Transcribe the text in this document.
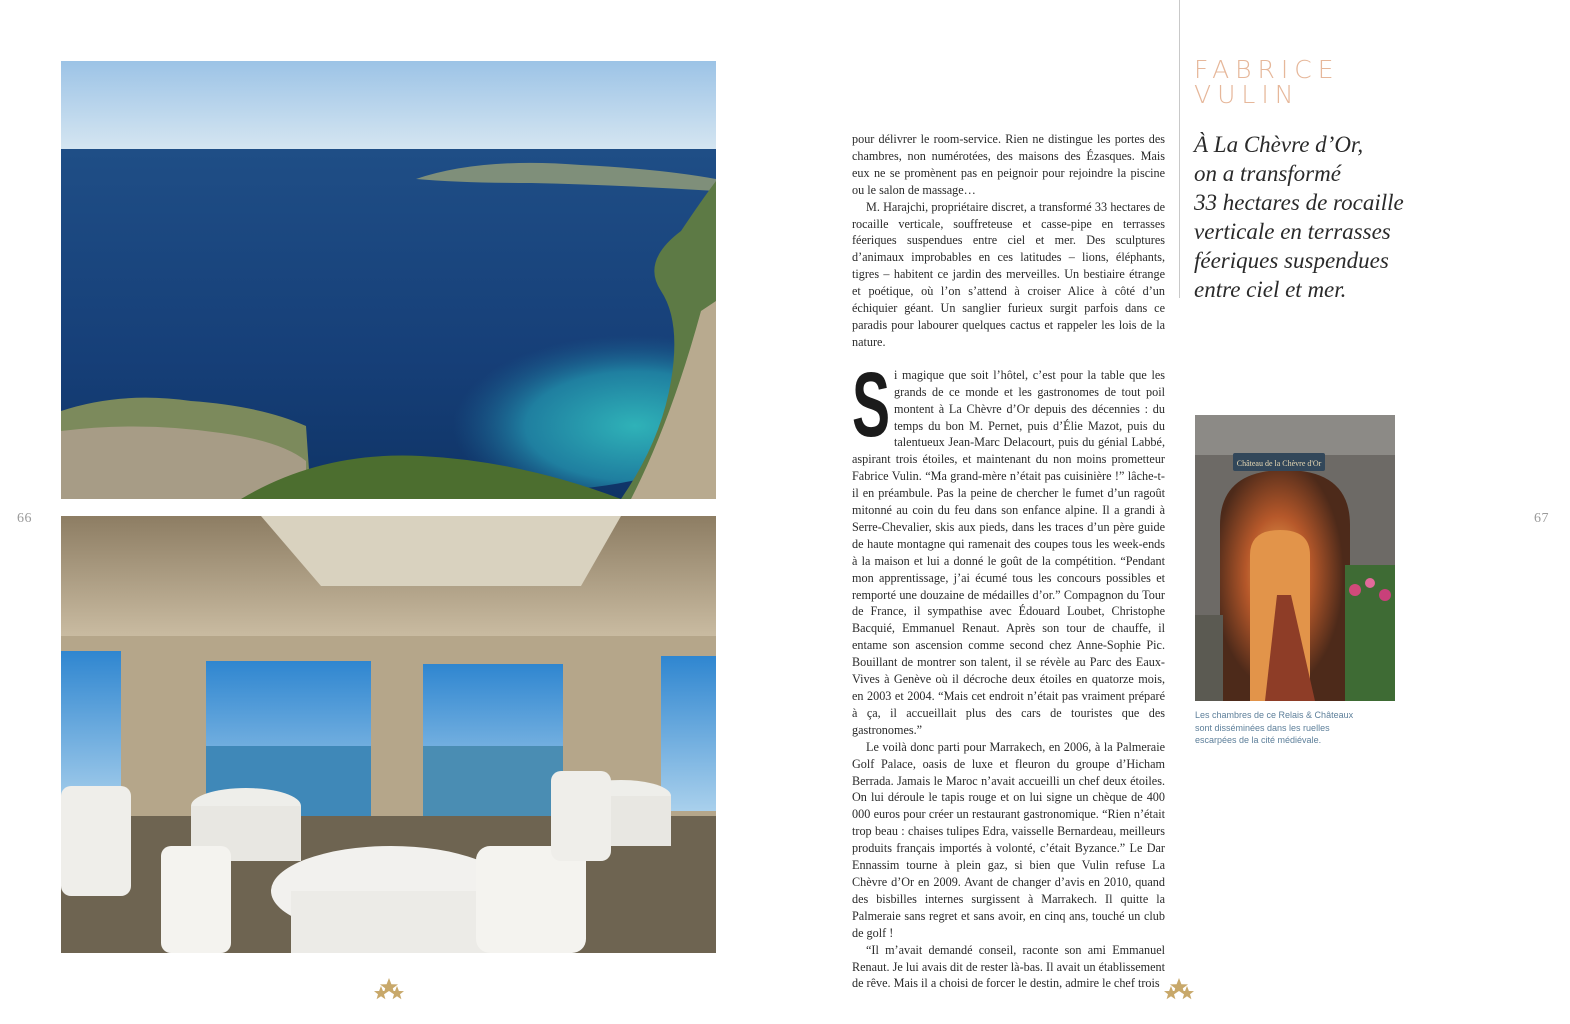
66	67

pour délivrer le room-service. Rien ne distingue les portes des chambres, non numérotées, des maisons des Ézasques. Mais eux ne se promènent pas en peignoir pour rejoindre la piscine ou le salon de massage…

M. Harajchi, propriétaire discret, a transformé 33 hectares de rocaille verticale, souffreteuse et casse-pipe en terrasses féeriques suspendues entre ciel et mer. Des sculptures d’animaux improbables en ces latitudes – lions, éléphants, tigres – habitent ce jardin des merveilles. Un bestiaire étrange et poétique, où l’on s’attend à croiser Alice à côté d’un échiquier géant. Un sanglier furieux surgit parfois dans ce paradis pour labourer quelques cactus et rappeler les lois de la nature.

Si magique que soit l’hôtel, c’est pour la table que les grands de ce monde et les gastronomes de tout poil montent à La Chèvre d’Or depuis des décennies : du temps du bon M. Pernet, puis d’Élie Mazot, puis du talentueux Jean-Marc Delacourt, puis du génial Labbé, aspirant trois étoiles, et maintenant du non moins prometteur Fabrice Vulin. “Ma grand-mère n’était pas cuisinière !” lâche-t-il en préambule. Pas la peine de chercher le fumet d’un ragoût mitonné au coin du feu dans son enfance alpine. Il a grandi à Serre-Chevalier, skis aux pieds, dans les traces d’un père guide de haute montagne qui ramenait des coupes tous les week-ends à la maison et lui a donné le goût de la compétition. “Pendant mon apprentissage, j’ai écumé tous les concours possibles et remporté une douzaine de médailles d’or.” Compagnon du Tour de France, il sympathise avec Édouard Loubet, Christophe Bacquié, Emmanuel Renaut. Après son tour de chauffe, il entame son ascension comme second chez Anne-Sophie Pic. Bouillant de montrer son talent, il se révèle au Parc des Eaux-Vives à Genève où il décroche deux étoiles en quatorze mois, en 2003 et 2004. “Mais cet endroit n’était pas vraiment préparé à ça, il accueillait plus des cars de touristes que des gastronomes.”

Le voilà donc parti pour Marrakech, en 2006, à la Palmeraie Golf Palace, oasis de luxe et fleuron du groupe d’Hicham Berrada. Jamais le Maroc n’avait accueilli un chef deux étoiles. On lui déroule le tapis rouge et on lui signe un chèque de 400 000 euros pour créer un restaurant gastronomique. “Rien n’était trop beau : chaises tulipes Edra, vaisselle Bernardeau, meilleurs produits français importés à volonté, c’était Byzance.” Le Dar Ennassim tourne à plein gaz, si bien que Vulin refuse La Chèvre d’Or en 2009. Avant de changer d’avis en 2010, quand des bisbilles internes surgissent à Marrakech. Il quitte la Palmeraie sans regret et sans avoir, en cinq ans, touché un club de golf !

“Il m’avait demandé conseil, raconte son ami Emmanuel Renaut. Je lui avais dit de rester là-bas. Il avait un établissement de rêve. Mais il a choisi de forcer le destin, admire le chef trois

FABRICE
VULIN
À La Chèvre d’Or,
on a transformé
33 hectares de rocaille
verticale en terrasses
féeriques suspendues
entre ciel et mer.
Château de la Chèvre d'Or
Les chambres de ce Relais & Châteaux
sont disséminées dans les ruelles
escarpées de la cité médiévale.
